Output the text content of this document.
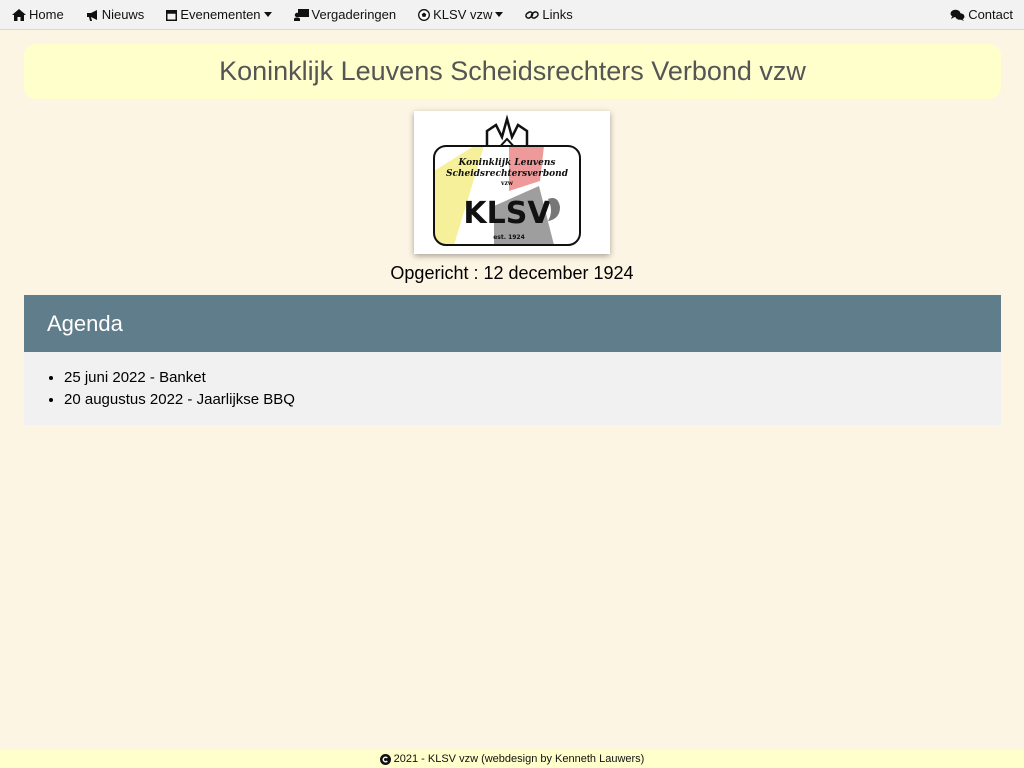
Home	Nieuws	Evenementen	Vergaderingen	KLSV vzw	Links	Contact
Koninklijk Leuvens Scheidsrechters Verbond vzw
Koninklijk Leuvens
Scheidsrechtersverbond
vzw
KLSV
est. 1924
Opgericht : 12 december 1924
Agenda
• 25 juni 2022 - Banket
• 20 augustus 2022 - Jaarlijkse BBQ
2021 - KLSV vzw (webdesign by Kenneth Lauwers)
